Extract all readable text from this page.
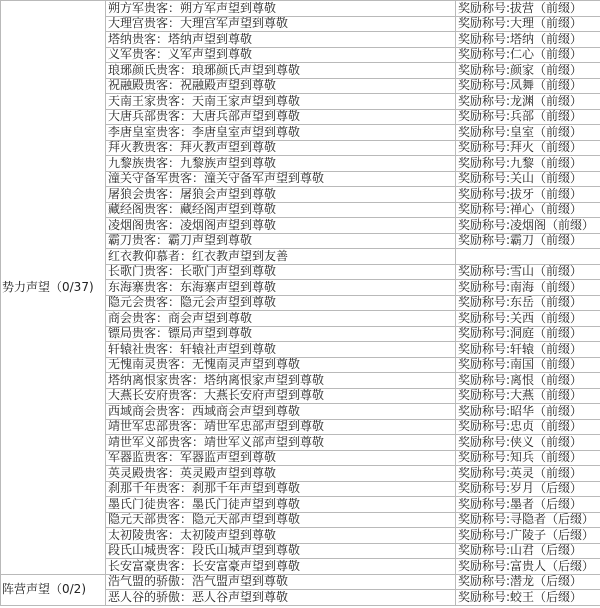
势力声望（0/37)	朔方军贵客：朔方军声望到尊敬	奖励称号:拔营（前缀）
	大理宫贵客：大理宫军声望到尊敬	奖励称号:大理（前缀）
	塔纳贵客：塔纳声望到尊敬	奖励称号:塔纳（前缀）
	义军贵客：义军声望到尊敬	奖励称号:仁心（前缀）
	琅琊颜氏贵客：琅琊颜氏声望到尊敬	奖励称号:颜家（前缀）
	祝融殿贵客：祝融殿声望到尊敬	奖励称号:凤舞（前缀）
	天南王家贵客：天南王家声望到尊敬	奖励称号:龙渊（前缀）
	大唐兵部贵客：大唐兵部声望到尊敬	奖励称号:兵部（前缀）
	李唐皇室贵客：李唐皇室声望到尊敬	奖励称号:皇室（前缀）
	拜火教贵客：拜火教声望到尊敬	奖励称号:拜火（前缀）
	九黎族贵客：九黎族声望到尊敬	奖励称号:九黎（前缀）
	潼关守备军贵客：潼关守备军声望到尊敬	奖励称号:关山（前缀）
	屠狼会贵客：屠狼会声望到尊敬	奖励称号:拔牙（前缀）
	藏经阁贵客：藏经阁声望到尊敬	奖励称号:禅心（前缀）
	凌烟阁贵客：凌烟阁声望到尊敬	奖励称号:凌烟阁（前缀）
	霸刀贵客：霸刀声望到尊敬	奖励称号:霸刀（前缀）
	红衣教仰慕者：红衣教声望到友善	
	长歌门贵客：长歌门声望到尊敬	奖励称号:雪山（前缀）
	东海寨贵客：东海寨声望到尊敬	奖励称号:南海（前缀）
	隐元会贵客：隐元会声望到尊敬	奖励称号:东岳（前缀）
	商会贵客：商会声望到尊敬	奖励称号:关西（前缀）
	镖局贵客：镖局声望到尊敬	奖励称号:洞庭（前缀）
	轩辕社贵客：轩辕社声望到尊敬	奖励称号:轩辕（前缀）
	无愧南灵贵客：无愧南灵声望到尊敬	奖励称号:南国（前缀）
	塔纳离恨家贵客：塔纳离恨家声望到尊敬	奖励称号:离恨（前缀）
	大燕长安府贵客：大燕长安府声望到尊敬	奖励称号:大燕（前缀）
	西域商会贵客：西域商会声望到尊敬	奖励称号:昭华（前缀）
	靖世军忠部贵客：靖世军忠部声望到尊敬	奖励称号:忠贞（前缀）
	靖世军义部贵客：靖世军义部声望到尊敬	奖励称号:侠义（前缀）
	军器监贵客：军器监声望到尊敬	奖励称号:知兵（前缀）
	英灵殿贵客：英灵殿声望到尊敬	奖励称号:英灵（前缀）
	刹那千年贵客：刹那千年声望到尊敬	奖励称号:岁月（后缀）
	墨氏门徒贵客：墨氏门徒声望到尊敬	奖励称号:墨者（后缀）
	隐元天部贵客：隐元天部声望到尊敬	奖励称号:寻隐者（后缀）
	太初陵贵客：太初陵声望到尊敬	奖励称号:广陵子（后缀）
	段氏山城贵客：段氏山城声望到尊敬	奖励称号:山君（后缀）
	长安富豪贵客：长安富豪声望到尊敬	奖励称号:富贵人（后缀）
阵营声望（0/2)	浩气盟的骄傲：浩气盟声望到尊敬	奖励称号:潜龙（后缀）
	恶人谷的骄傲：恶人谷声望到尊敬	奖励称号:蛟王（后缀）
